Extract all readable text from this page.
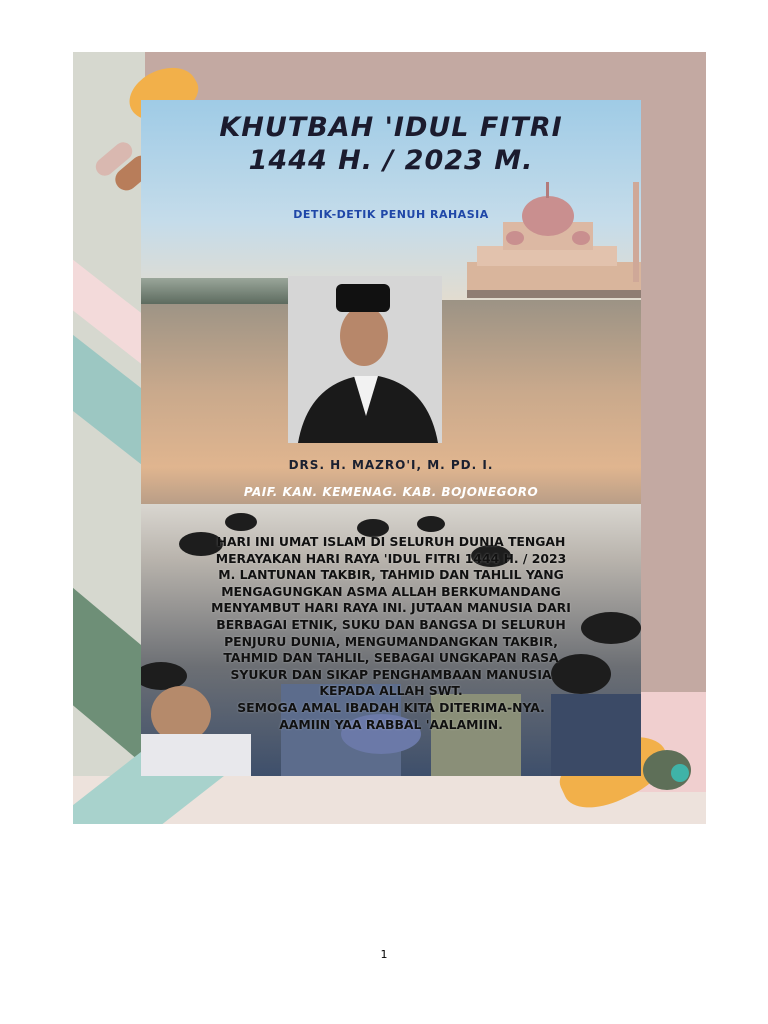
KHUTBAH 'IDUL FITRI
1444 H. / 2023 M.
DETIK-DETIK PENUH RAHASIA
DRS. H. MAZRO'I, M. PD. I.
PAIF. KAN. KEMENAG. KAB. BOJONEGORO
HARI INI UMAT ISLAM DI SELURUH DUNIA TENGAH
MERAYAKAN HARI RAYA 'IDUL FITRI 1444 H. / 2023
M. LANTUNAN TAKBIR, TAHMID DAN TAHLIL YANG
MENGAGUNGKAN ASMA ALLAH BERKUMANDANG
MENYAMBUT HARI RAYA INI. JUTAAN MANUSIA DARI
BERBAGAI ETNIK, SUKU DAN BANGSA DI SELURUH
PENJURU DUNIA, MENGUMANDANGKAN TAKBIR,
TAHMID DAN TAHLIL, SEBAGAI UNGKAPAN RASA
SYUKUR DAN SIKAP PENGHAMBAAN MANUSIA
KEPADA ALLAH SWT.
SEMOGA AMAL IBADAH KITA DITERIMA-NYA.
AAMIIN YAA RABBAL 'AALAMIIN.
1
